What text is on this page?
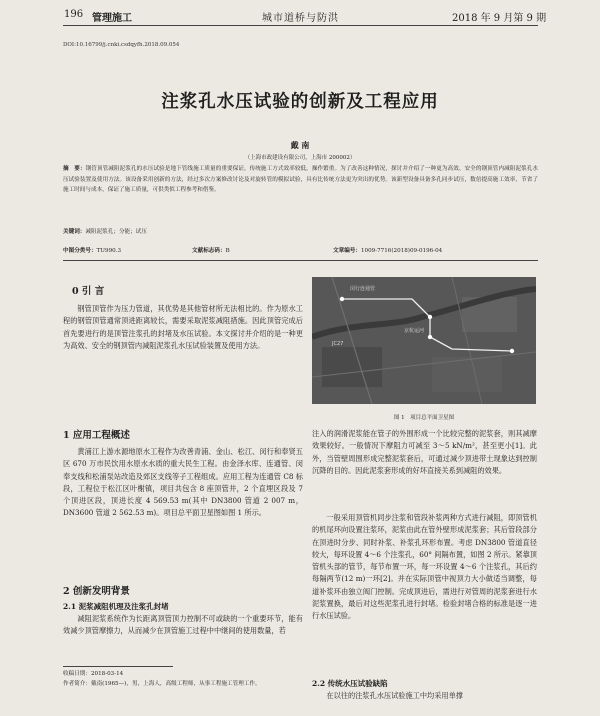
196 管理施工	城市道桥与防洪	2018 年 9 月第 9 期
DOI:10.16799/j.cnki.csdqyfh.2018.09.054
注浆孔水压试验的创新及工程应用
戴 南
（上海市政建设有限公司，上海市 200002）
摘　要：钢管顶管减阻泥浆孔的水压试验是地下管线施工质量的重要保证，传统施工方式效率较低，操作繁重。为了改善这种情况，探讨并介绍了一种更为高效、安全的钢顶管内减阻泥浆孔水压试验装置及使用方法。该设备采用创新的方法，经过多次方案修改讨论及对旋转管的模拟试验，具有比传统方法更为突出的优势。该新型设备具备多孔同步试压，数倍提高施工效率，节省了施工时间与成本，保证了施工质量，可供类似工程参考和借鉴。
关键词：减阻泥浆孔；分能；试压
中图分类号：TU990.3	文献标志码：B	文章编号：1009-7716(2018)09-0196-04
0 引 言
钢管顶管作为压力管道，其优势是其他管材所无法相比的。作为原水工程的钢管顶管通常顶进距离较长，需要采取泥浆减阻措施。因此顶管完成后首先要进行的是顶管注浆孔的封堵及水压试验。本文探讨并介绍的是一种更为高效、安全的钢顶管内减阻泥浆孔水压试验装置及使用方法。
1 应用工程概述
黄浦江上游水源地原水工程作为改善青浦、金山、松江、闵行和奉贤五区 670 万市民饮用水原水水质的重大民生工程。由金泽水库、连通管、闵奉支线和松浦泵站改造及郊区支线等子工程组成。应用工程为连通管 C8 标段，工程位于松江区叶榭镇，项目共包含 8 座顶管井，2 个直埋区段及 7 个顶进区段，顶进长度 4 569.53 m(其中 DN3800 管道 2 007 m，DN3600 管道 2 562.53 m)。项目总平面卫星图如图 1 所示。
2 创新发明背景
2.1 泥浆减阻机理及注浆孔封堵
减阻泥浆系统作为长距离顶管顶力控制不可或缺的一个重要环节，能有效减少顶管摩擦力，从而减少在顶管施工过程中中继间的使用数量，若
收稿日期：2018-03-14
作者简介：戴南(1965—)，男，上海人，高级工程师，从事工程施工管理工作。
闵行连通管
JC27
京杭运河
图 1　项目总平面卫星图
注入的润滑泥浆能在管子的外围形成一个比较完整的泥浆套，则其减摩效果较好。一般情况下摩阻力可减至 3～5 kN/m²，甚至更小[1]。此外，当管壁周围形成完整泥浆套后，可通过减少顶进带土现象达到控制沉降的目的。因此泥浆套形成的好坏直接关系到减阻的效果。
一般采用顶管机同步注浆和管段补浆两种方式进行减阻，即顶管机的机尾环向设置注浆环，泥浆由此在管外壁形成泥浆套；其后管段部分在顶进时分步、同时补浆、补浆孔环形布置。考虑 DN3800 管道直径较大，每环设置 4～6 个注浆孔，60° 间隔布置，如图 2 所示。紧靠顶管机头部的管节，每节布置一环，每一环设置 4～6 个注浆孔，其后约每隔两节(12 m)一环[2]。并在实际顶管中视顶力大小做适当调整，每道补浆环由独立阀门控制。完成顶进后，需进行对管周的泥浆套进行水泥浆置换，最后对这些泥浆孔进行封堵。检验封堵合格的标准是逐一进行水压试验。
2.2 传统水压试验缺陷
在以往的注浆孔水压试验施工中均采用单撑
